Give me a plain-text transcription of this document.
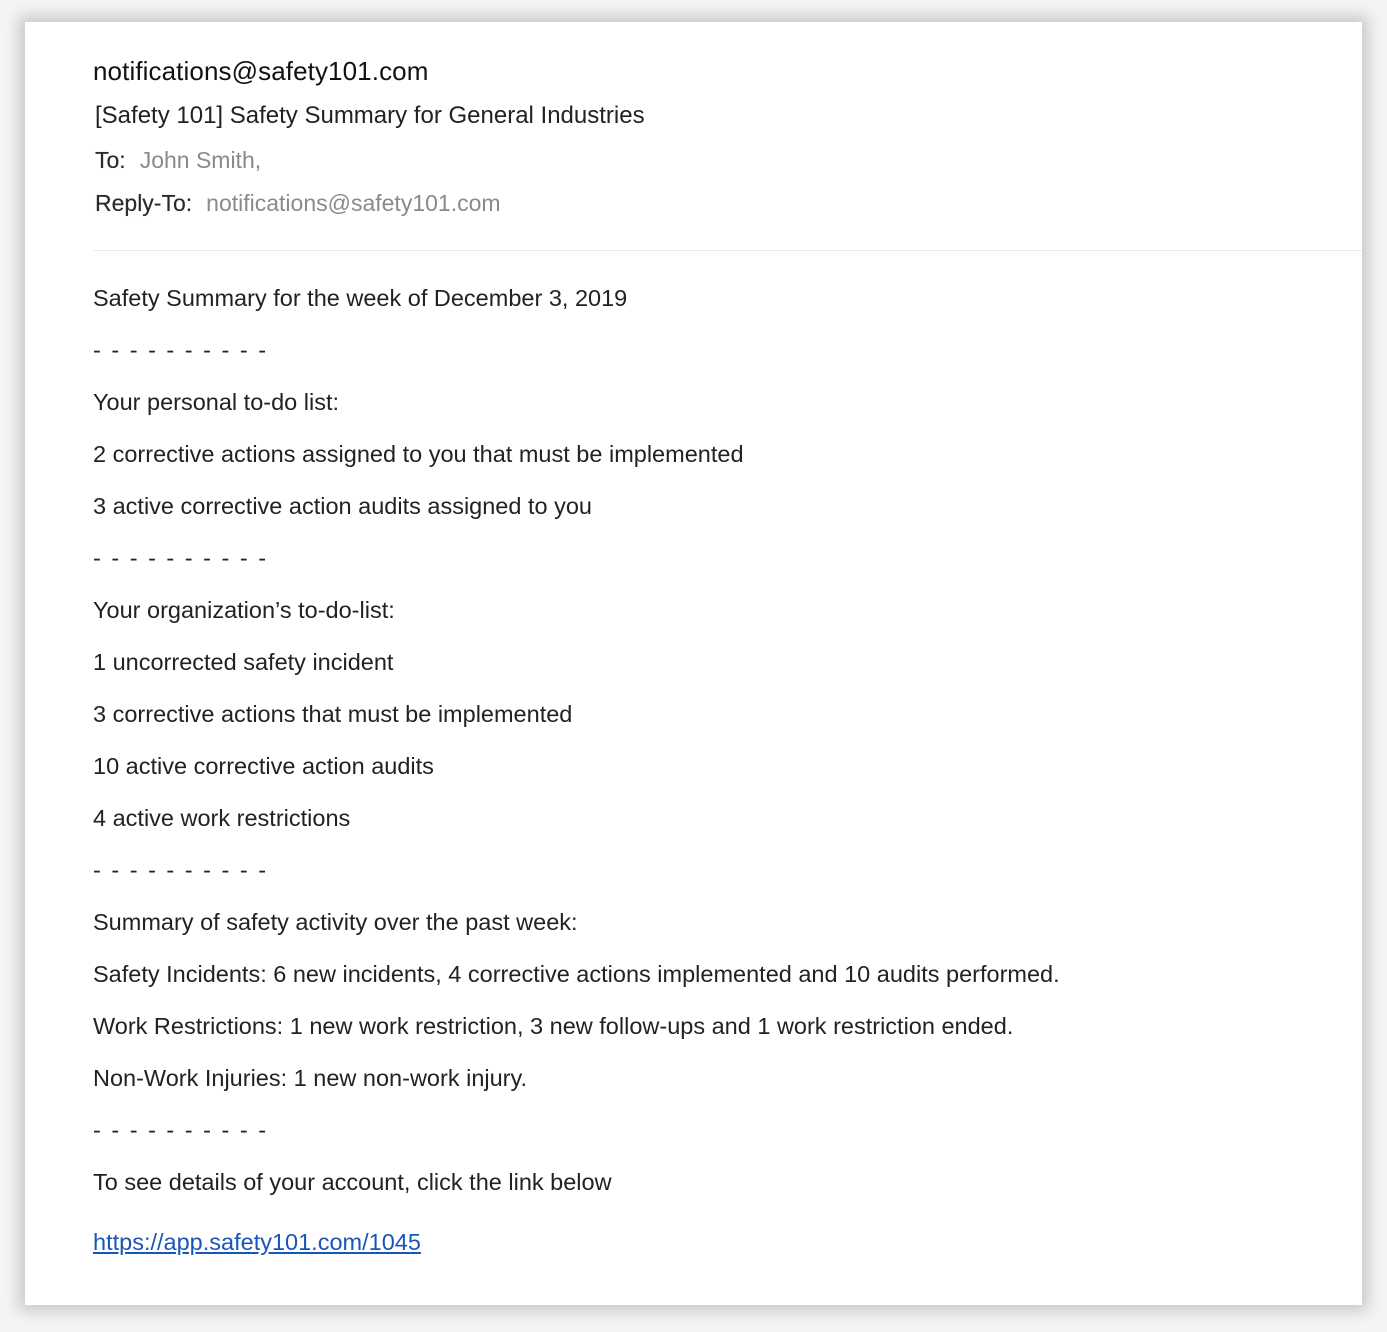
notifications@safety101.com
[Safety 101] Safety Summary for General Industries
To: John Smith,
Reply-To: notifications@safety101.com
Safety Summary for the week of December 3, 2019
- - - - - - - - - -
Your personal to-do list:
2 corrective actions assigned to you that must be implemented
3 active corrective action audits assigned to you
- - - - - - - - - -
Your organization’s to-do-list:
1 uncorrected safety incident
3 corrective actions that must be implemented
10 active corrective action audits
4 active work restrictions
- - - - - - - - - -
Summary of safety activity over the past week:
Safety Incidents: 6 new incidents, 4 corrective actions implemented and 10 audits performed.
Work Restrictions: 1 new work restriction, 3 new follow-ups and 1 work restriction ended.
Non-Work Injuries: 1 new non-work injury.
- - - - - - - - - -
To see details of your account, click the link below
https://app.safety101.com/1045
